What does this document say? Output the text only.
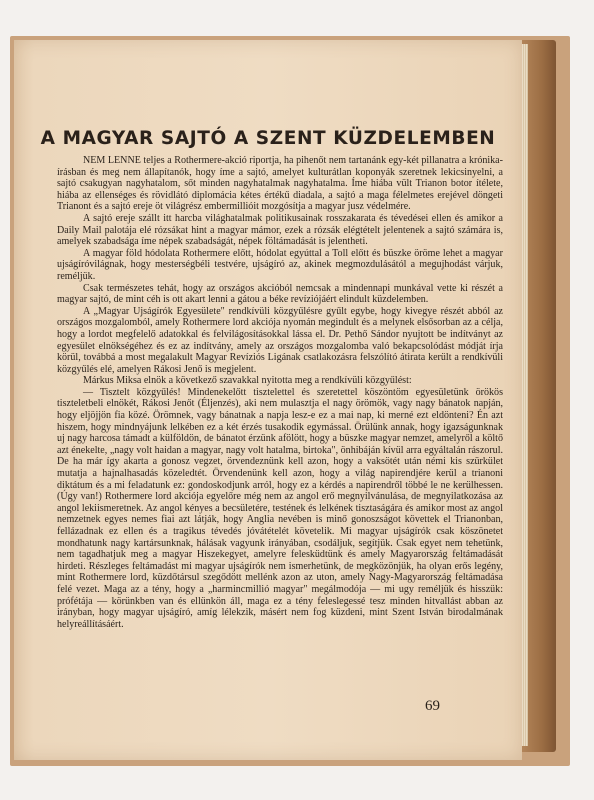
A MAGYAR SAJTÓ A SZENT KÜZDELEMBEN

NEM LENNE teljes a Rothermere-akció riportja, ha pihenőt nem tartanánk egy-két pillanatra a krónika-írásban és meg nem állapítanók, hogy íme a sajtó, amelyet kulturátlan koponyák szeretnek lekicsinyelni, a sajtó csakugyan nagyhatalom, sőt minden nagyhatalmak nagyhatalma. Íme hiába vült Trianon botor ítélete, hiába az ellenséges és rövidlátó diplomácia kétes értékű diadala, a sajtó a maga félelmetes erejével döngeti Trianont és a sajtó ereje öt világrész embermillióit mozgósítja a magyar jusz védelmére.

A sajtó ereje szállt itt harcba világhatalmak politikusainak rosszakarata és tévedései ellen és amikor a Daily Mail palotája elé rózsákat hint a magyar mámor, ezek a rózsák elégtételt jelentenek a sajtó számára is, amelyek szabadsága íme népek szabadságát, népek föltámadását is jelentheti.

A magyar föld hódolata Rothermere előtt, hódolat egyúttal a Toll előtt és büszke öröme lehet a magyar ujságíróvilágnak, hogy mesterségbéli testvére, ujságíró az, akinek megmozdulásától a megujhodást várjuk, reméljük.

Csak természetes tehát, hogy az országos akcióból nemcsak a mindennapi munkával vette ki részét a magyar sajtó, de mint céh is ott akart lenni a gátou a béke revíziójáért elindult küzdelemben.

A „Magyar Ujságírók Egyesülete" rendkívüli közgyűlésre gyűlt egybe, hogy kivegye részét abból az országos mozgalomból, amely Rothermere lord akciója nyomán megindult és a melynek elsősorban az a célja, hogy a lordot megfelelő adatokkal és felvilágosításokkal lássa el. Dr. Pethő Sándor nyujtott be indítványt az egyesület elnökségéhez és ez az indítvány, amely az országos mozgalomba való bekapcsolódást módját írja körül, továbbá a most megalakult Magyar Revíziós Ligának csatlakozásra felszólító átirata került a rendkívüli közgyűlés elé, amelyen Rákosi Jenő is megjelent.

Márkus Miksa elnök a következő szavakkal nyitotta meg a rendkívüli közgyűlést:

— Tisztelt közgyűlés! Mindenekelőtt tisztelettel és szeretettel köszöntöm egyesületünk örökös tiszteletbeli elnökét, Rákosi Jenőt (Éljenzés), aki nem mulasztja el nagy örömök, vagy nagy bánatok napján, hogy eljöjjön fia közé. Örömnek, vagy bánatnak a napja lesz-e ez a mai nap, ki merné ezt eldönteni? Én azt hiszem, hogy mindnyájunk lelkében ez a két érzés tusakodik egymással. Örülünk annak, hogy igazságunknak uj nagy harcosa támadt a külföldön, de bánatot érzünk afölött, hogy a büszke magyar nemzet, amelyről a költő azt énekelte, „nagy volt haidan a magyar, nagy volt hatalma, birtoka", önhibáján kívül arra egyáltalán rászorul. De ha már így akarta a gonosz vegzet, örvendeznünk kell azon, hogy a vaksötét után némi kis szürkület mutatja a hajnalhasadás közeledtét. Örvendenünk kell azon, hogy a világ napirendjére kerül a trianoni diktátum és a mi feladatunk ez: gondoskodjunk arról, hogy ez a kérdés a napirendről többé le ne kerülhessen. (Úgy van!) Rothermere lord akciója egyelőre még nem az angol erő megnyilvánulása, de megnyilatkozása az angol lekiismeretnek. Az angol kényes a becsületére, testének és lelkének tisztaságára és amikor most az angol nemzetnek egyes nemes fiai azt látják, hogy Anglia nevében is minő gonoszságot követtek el Trianonban, fellázadnak ez ellen és a tragikus tévedés jóvátételét követelik. Mi magyar ujságírók csak köszönetet mondhatunk nagy kartársunknak, hálásak vagyunk irányában, csodáljuk, segítjük. Csak egyet nem tehetünk, nem tagadhatjuk meg a magyar Hiszekegyet, amelyre felesküdtünk és amely Magyarország feltámadását hirdeti. Részleges feltámadást mi magyar ujságírók nem ismerhetünk, de megközönjük, ha olyan erős legény, mint Rothermere lord, küzdőtársul szegődött mellénk azon az uton, amely Nagy-Magyarország feltámadása felé vezet. Maga az a tény, hogy a „harmincmillió magyar" megálmodója — mi ugy reméljük és hisszük: prófétája — körünkben van és ellünkön áll, maga ez a tény feleslegessé tesz minden hitvallást abban az irányban, hogy magyar ujságíró, amíg lélekzik, másért nem fog küzdeni, mint Szent István birodalmának helyreállításáért.

69
